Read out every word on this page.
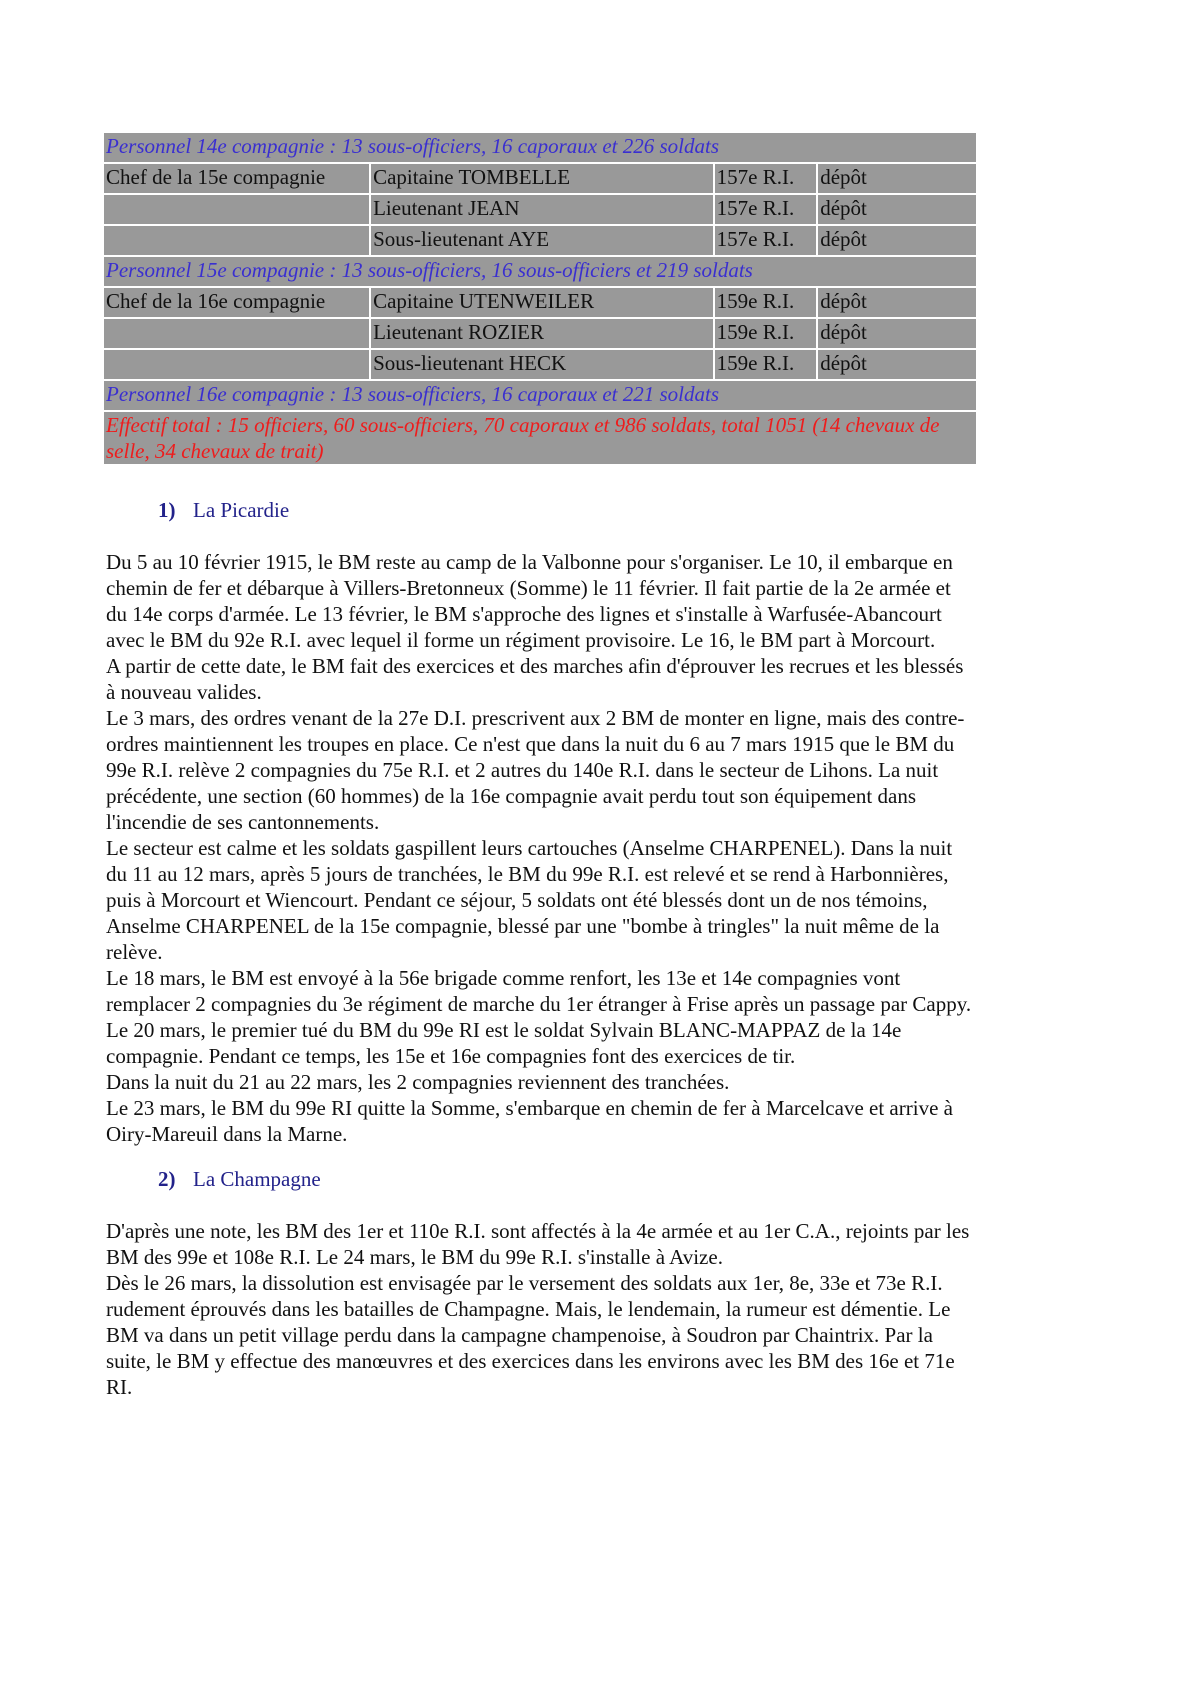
Personnel 14e compagnie : 13 sous-officiers, 16 caporaux et 226 soldats			
Chef de la 15e compagnie	Capitaine TOMBELLE	157e R.I.	dépôt
	Lieutenant JEAN	157e R.I.	dépôt
	Sous-lieutenant AYE	157e R.I.	dépôt
Personnel 15e compagnie : 13 sous-officiers, 16 sous-officiers et 219 soldats			
Chef de la 16e compagnie	Capitaine UTENWEILER	159e R.I.	dépôt
	Lieutenant ROZIER	159e R.I.	dépôt
	Sous-lieutenant HECK	159e R.I.	dépôt
Personnel 16e compagnie : 13 sous-officiers, 16 caporaux et 221 soldats			
Effectif total : 15 officiers, 60 sous-officiers, 70 caporaux et 986 soldats, total 1051 (14 chevaux de selle, 34 chevaux de trait)			
1) La Picardie
Du 5 au 10 février 1915, le BM reste au camp de la Valbonne pour s'organiser. Le 10, il embarque en
chemin de fer et débarque à Villers-Bretonneux (Somme) le 11 février. Il fait partie de la 2e armée et
du 14e corps d'armée. Le 13 février, le BM s'approche des lignes et s'installe à Warfusée-Abancourt
avec le BM du 92e R.I. avec lequel il forme un régiment provisoire. Le 16, le BM part à Morcourt.
A partir de cette date, le BM fait des exercices et des marches afin d'éprouver les recrues et les blessés
à nouveau valides.
Le 3 mars, des ordres venant de la 27e D.I. prescrivent aux 2 BM de monter en ligne, mais des contre-
ordres maintiennent les troupes en place. Ce n'est que dans la nuit du 6 au 7 mars 1915 que le BM du
99e R.I. relève 2 compagnies du 75e R.I. et 2 autres du 140e R.I. dans le secteur de Lihons. La nuit
précédente, une section (60 hommes) de la 16e compagnie avait perdu tout son équipement dans
l'incendie de ses cantonnements.
Le secteur est calme et les soldats gaspillent leurs cartouches (Anselme CHARPENEL). Dans la nuit
du 11 au 12 mars, après 5 jours de tranchées, le BM du 99e R.I. est relevé et se rend à Harbonnières,
puis à Morcourt et Wiencourt. Pendant ce séjour, 5 soldats ont été blessés dont un de nos témoins,
Anselme CHARPENEL de la 15e compagnie, blessé par une "bombe à tringles" la nuit même de la
relève.
Le 18 mars, le BM est envoyé à la 56e brigade comme renfort, les 13e et 14e compagnies vont
remplacer 2 compagnies du 3e régiment de marche du 1er étranger à Frise après un passage par Cappy.
Le 20 mars, le premier tué du BM du 99e RI est le soldat Sylvain BLANC-MAPPAZ de la 14e
compagnie. Pendant ce temps, les 15e et 16e compagnies font des exercices de tir.
Dans la nuit du 21 au 22 mars, les 2 compagnies reviennent des tranchées.
Le 23 mars, le BM du 99e RI quitte la Somme, s'embarque en chemin de fer à Marcelcave et arrive à
Oiry-Mareuil dans la Marne.
2) La Champagne
D'après une note, les BM des 1er et 110e R.I. sont affectés à la 4e armée et au 1er C.A., rejoints par les
BM des 99e et 108e R.I. Le 24 mars, le BM du 99e R.I. s'installe à Avize.
Dès le 26 mars, la dissolution est envisagée par le versement des soldats aux 1er, 8e, 33e et 73e R.I.
rudement éprouvés dans les batailles de Champagne. Mais, le lendemain, la rumeur est démentie. Le
BM va dans un petit village perdu dans la campagne champenoise, à Soudron par Chaintrix. Par la
suite, le BM y effectue des manœuvres et des exercices dans les environs avec les BM des 16e et 71e
RI.
